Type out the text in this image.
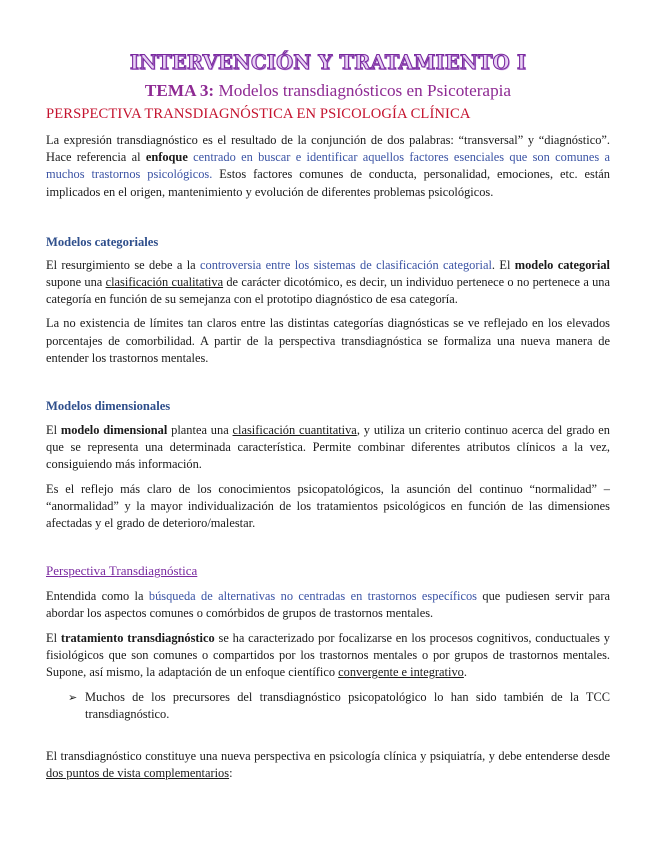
INTERVENCIÓN Y TRATAMIENTO I
TEMA 3: Modelos transdiagnósticos en Psicoterapia
PERSPECTIVA TRANSDIAGNÓSTICA EN PSICOLOGÍA CLÍNICA

La expresión transdiagnóstico es el resultado de la conjunción de dos palabras: “transversal” y “diagnóstico”. Hace referencia al enfoque centrado en buscar e identificar aquellos factores esenciales que son comunes a muchos trastornos psicológicos. Estos factores comunes de conducta, personalidad, emociones, etc. están implicados en el origen, mantenimiento y evolución de diferentes problemas psicológicos.

Modelos categoriales

El resurgimiento se debe a la controversia entre los sistemas de clasificación categorial. El modelo categorial supone una clasificación cualitativa de carácter dicotómico, es decir, un individuo pertenece o no pertenece a una categoría en función de su semejanza con el prototipo diagnóstico de esa categoría.

La no existencia de límites tan claros entre las distintas categorías diagnósticas se ve reflejado en los elevados porcentajes de comorbilidad. A partir de la perspectiva transdiagnóstica se formaliza una nueva manera de entender los trastornos mentales.

Modelos dimensionales

El modelo dimensional plantea una clasificación cuantitativa, y utiliza un criterio continuo acerca del grado en que se representa una determinada característica. Permite combinar diferentes atributos clínicos a la vez, consiguiendo más información.

Es el reflejo más claro de los conocimientos psicopatológicos, la asunción del continuo “normalidad” – “anormalidad” y la mayor individualización de los tratamientos psicológicos en función de las dimensiones afectadas y el grado de deterioro/malestar.

Perspectiva Transdiagnóstica

Entendida como la búsqueda de alternativas no centradas en trastornos específicos que pudiesen servir para abordar los aspectos comunes o comórbidos de grupos de trastornos mentales.

El tratamiento transdiagnóstico se ha caracterizado por focalizarse en los procesos cognitivos, conductuales y fisiológicos que son comunes o compartidos por los trastornos mentales o por grupos de trastornos mentales. Supone, así mismo, la adaptación de un enfoque científico convergente e integrativo.

➢ Muchos de los precursores del transdiagnóstico psicopatológico lo han sido también de la TCC transdiagnóstico.

El transdiagnóstico constituye una nueva perspectiva en psicología clínica y psiquiatría, y debe entenderse desde dos puntos de vista complementarios:
